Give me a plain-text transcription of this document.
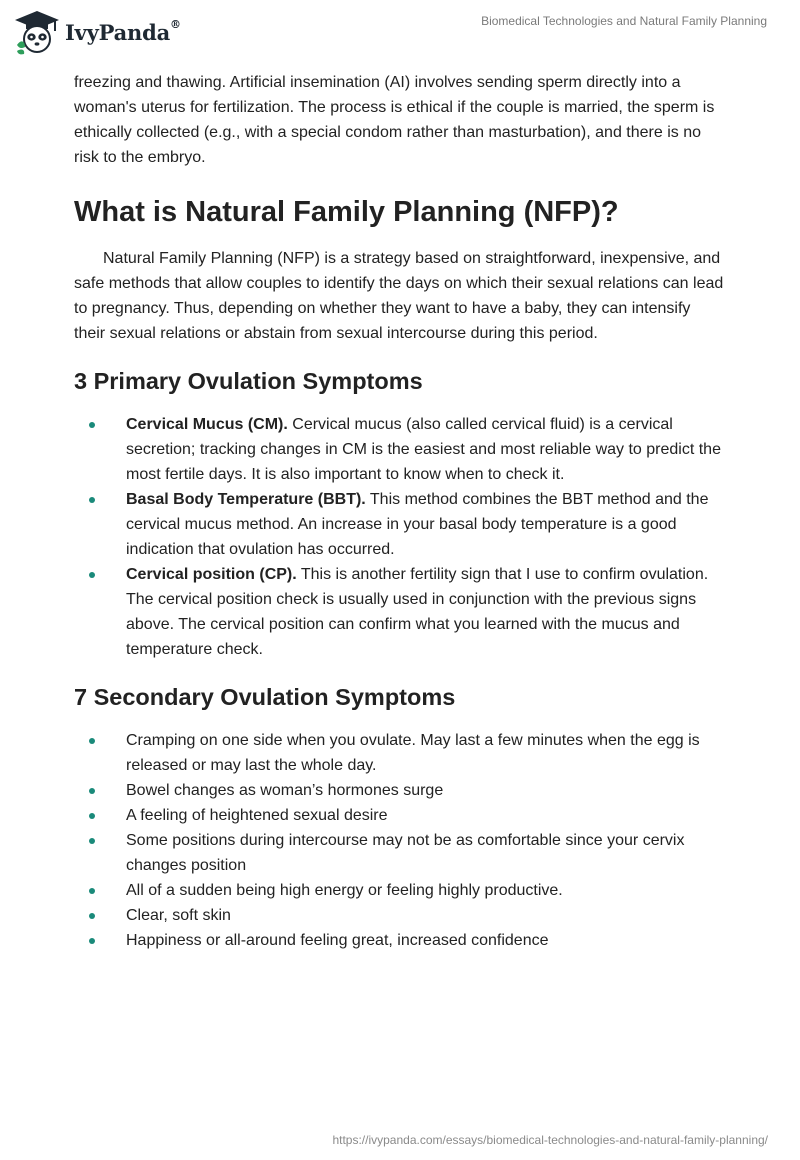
IvyPanda®	Biomedical Technologies and Natural Family Planning

freezing and thawing. Artificial insemination (AI) involves sending sperm directly into a woman's uterus for fertilization. The process is ethical if the couple is married, the sperm is ethically collected (e.g., with a special condom rather than masturbation), and there is no risk to the embryo.

What is Natural Family Planning (NFP)?

Natural Family Planning (NFP) is a strategy based on straightforward, inexpensive, and safe methods that allow couples to identify the days on which their sexual relations can lead to pregnancy. Thus, depending on whether they want to have a baby, they can intensify their sexual relations or abstain from sexual intercourse during this period.

3 Primary Ovulation Symptoms
Cervical Mucus (CM). Cervical mucus (also called cervical fluid) is a cervical secretion; tracking changes in CM is the easiest and most reliable way to predict the most fertile days. It is also important to know when to check it.
Basal Body Temperature (BBT). This method combines the BBT method and the cervical mucus method. An increase in your basal body temperature is a good indication that ovulation has occurred.
Cervical position (CP). This is another fertility sign that I use to confirm ovulation. The cervical position check is usually used in conjunction with the previous signs above. The cervical position can confirm what you learned with the mucus and temperature check.
7 Secondary Ovulation Symptoms
Cramping on one side when you ovulate. May last a few minutes when the egg is released or may last the whole day.
Bowel changes as woman’s hormones surge
A feeling of heightened sexual desire
Some positions during intercourse may not be as comfortable since your cervix changes position
All of a sudden being high energy or feeling highly productive.
Clear, soft skin
Happiness or all-around feeling great, increased confidence
https://ivypanda.com/essays/biomedical-technologies-and-natural-family-planning/
